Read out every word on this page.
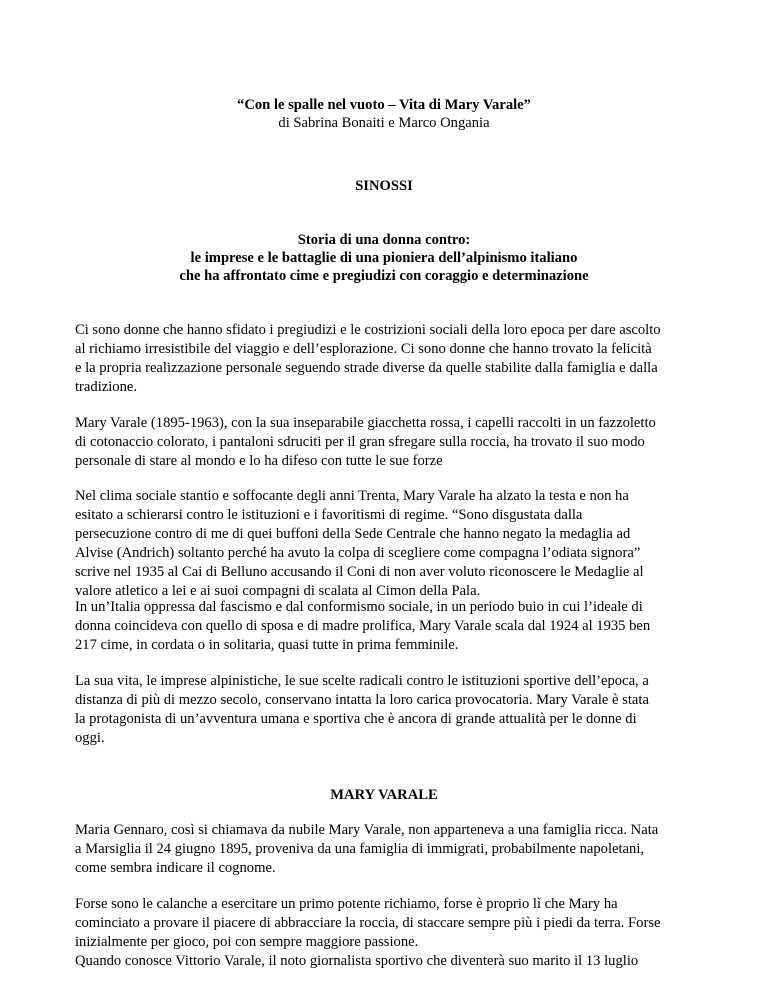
“Con le spalle nel vuoto – Vita di Mary Varale”
di Sabrina Bonaiti e Marco Ongania
SINOSSI
Storia di una donna contro:
le imprese e le battaglie di una pioniera dell’alpinismo italiano
che ha affrontato cime e pregiudizi con coraggio e determinazione
Ci sono donne che hanno sfidato i pregiudizi e le costrizioni sociali della loro epoca per dare ascolto
al richiamo irresistibile del viaggio e dell’esplorazione. Ci sono donne che hanno trovato la felicità
e la propria realizzazione personale seguendo strade diverse da quelle stabilite dalla famiglia e dalla
tradizione.
Mary Varale (1895-1963), con la sua inseparabile giacchetta rossa, i capelli raccolti in un fazzoletto
di cotonaccio colorato, i pantaloni sdruciti per il gran sfregare sulla roccia, ha trovato il suo modo
personale di stare al mondo e lo ha difeso con tutte le sue forze
Nel clima sociale stantio e soffocante degli anni Trenta, Mary Varale ha alzato la testa e non ha
esitato a schierarsi contro le istituzioni e i favoritismi di regime. “Sono disgustata dalla
persecuzione contro di me di quei buffoni della Sede Centrale che hanno negato la medaglia ad
Alvise (Andrich) soltanto perché ha avuto la colpa di scegliere come compagna l’odiata signora”
scrive nel 1935 al Cai di Belluno accusando il Coni di non aver voluto riconoscere le Medaglie al
valore atletico a lei e ai suoi compagni di scalata al Cimon della Pala.
In un’Italia oppressa dal fascismo e dal conformismo sociale, in un periodo buio in cui l’ideale di
donna coincideva con quello di sposa e di madre prolifica, Mary Varale scala dal 1924 al 1935 ben
217 cime, in cordata o in solitaria, quasi tutte in prima femminile.
La sua vita, le imprese alpinistiche, le sue scelte radicali contro le istituzioni sportive dell’epoca, a
distanza di più di mezzo secolo, conservano intatta la loro carica provocatoria. Mary Varale è stata
la protagonista di un’avventura umana e sportiva che è ancora di grande attualità per le donne di
oggi.
MARY VARALE
Maria Gennaro, così si chiamava da nubile Mary Varale, non apparteneva a una famiglia ricca. Nata
a Marsiglia il 24 giugno 1895, proveniva da una famiglia di immigrati, probabilmente napoletani,
come sembra indicare il cognome.
Forse sono le calanche a esercitare un primo potente richiamo, forse è proprio lì che Mary ha
cominciato a provare il piacere di abbracciare la roccia, di staccare sempre più i piedi da terra. Forse
inizialmente per gioco, poi con sempre maggiore passione.
Quando conosce Vittorio Varale, il noto giornalista sportivo che diventerà suo marito il 13 luglio
